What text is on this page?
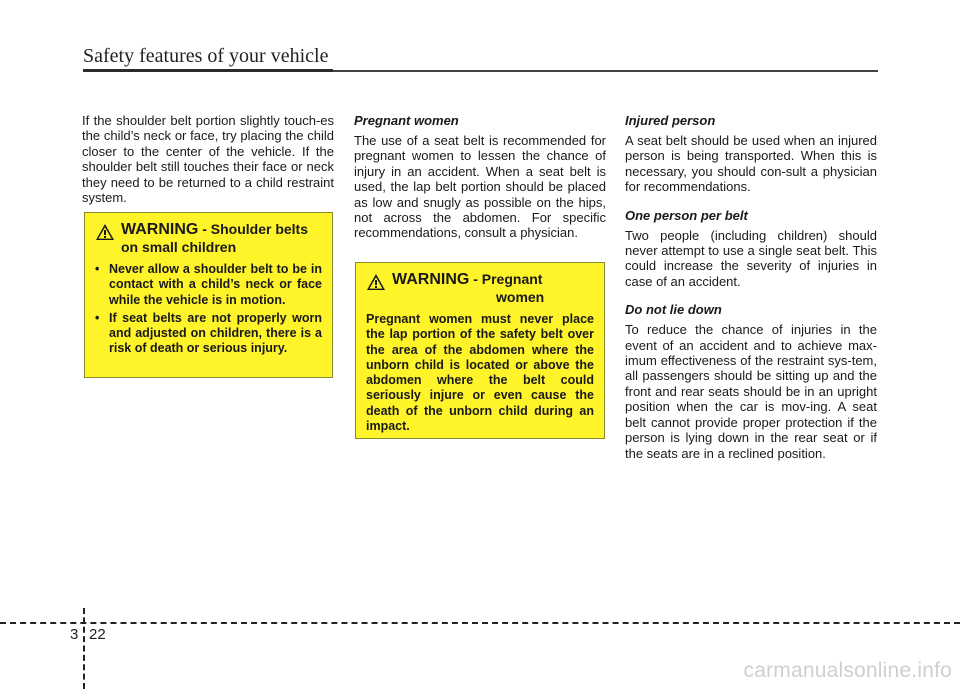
Safety features of your vehicle

If the shoulder belt portion slightly touch-es the child’s neck or face, try placing the child closer to the center of the vehicle. If the shoulder belt still touches their face or neck they need to be returned to a child restraint system.

WARNING - Shoulder belts
on small children
• Never allow a shoulder belt to be in contact with a child’s neck or face while the vehicle is in motion.
• If seat belts are not properly worn and adjusted on children, there is a risk of death or serious injury.

Pregnant women

The use of a seat belt is recommended for pregnant women to lessen the chance of injury in an accident. When a seat belt is used, the lap belt portion should be placed as low and snugly as possible on the hips, not across the abdomen. For specific recommendations, consult a physician.

WARNING - Pregnant
women

Pregnant women must never place the lap portion of the safety belt over the area of the abdomen where the unborn child is located or above the abdomen where the belt could seriously injure or even cause the death of the unborn child during an impact.

Injured person

A seat belt should be used when an injured person is being transported. When this is necessary, you should con-sult a physician for recommendations.

One person per belt

Two people (including children) should never attempt to use a single seat belt. This could increase the severity of injuries in case of an accident.

Do not lie down

To reduce the chance of injuries in the event of an accident and to achieve max-imum effectiveness of the restraint sys-tem, all passengers should be sitting up and the front and rear seats should be in an upright position when the car is mov-ing. A seat belt cannot provide proper protection if the person is lying down in the rear seat or if the seats are in a reclined position.

3 22
carmanualsonline.info
